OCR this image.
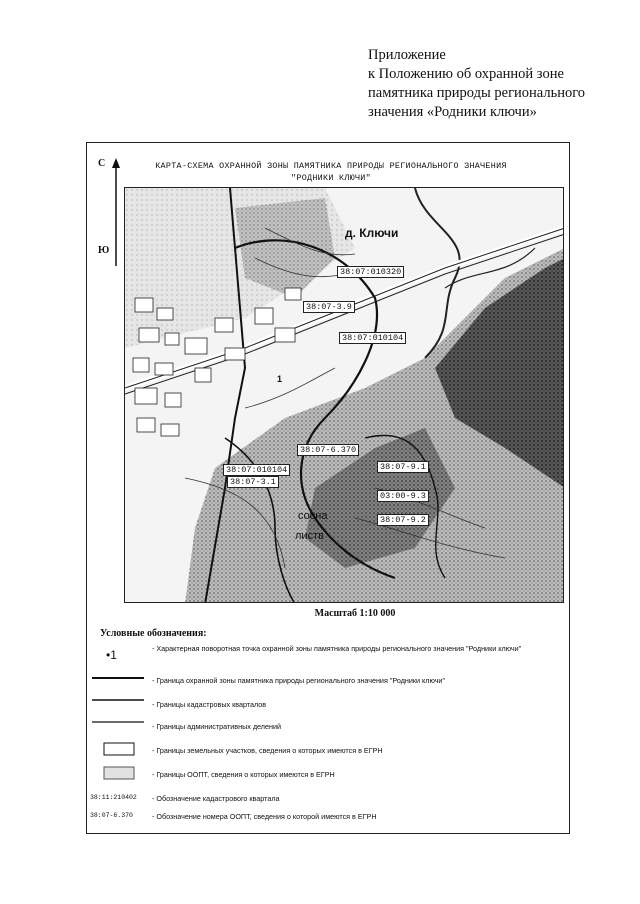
Приложение
к Положению об охранной зоне
памятника природы регионального
значения «Родники ключи»
КАРТА-СХЕМА ОХРАННОЙ ЗОНЫ ПАМЯТНИКА ПРИРОДЫ РЕГИОНАЛЬНОГО ЗНАЧЕНИЯ
"РОДНИКИ КЛЮЧИ"
С
Ю
д. Ключи
сосна
листв
38:07:010320
38:07-3.9
38:07:010104
38:07-6.370
38:07:010104
38:07-3.1
38:07-9.1
03:00-9.3
38:07-9.2
1
Масштаб 1:10 000
Условные обозначения:
•1	- Характерная поворотная точка охранной зоны памятника природы регионального значения "Родники ключи"
- Граница охранной зоны памятника природы регионального значения "Родники ключи"
- Границы кадастровых кварталов
- Границы административных делений
- Границы земельных участков, сведения о которых имеются в ЕГРН
- Границы ООПТ, сведения о которых имеются в ЕГРН
38:11:210402 - Обозначение кадастрового квартала
38:07-6.370	- Обозначение номера ООПТ, сведения о которой имеются в ЕГРН
